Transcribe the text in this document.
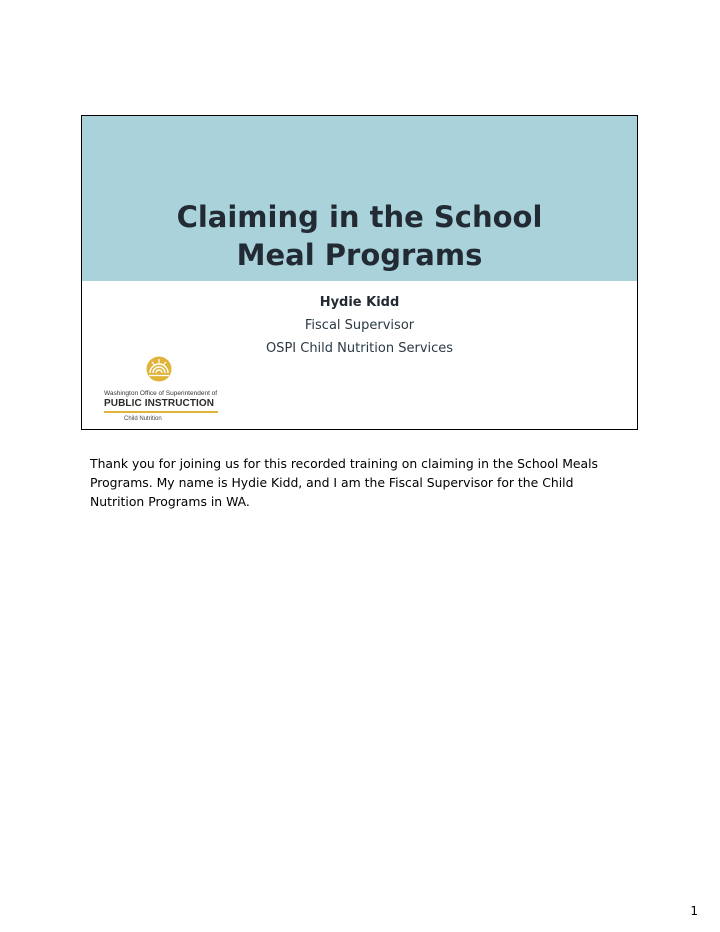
Claiming in the School
Meal Programs
Hydie Kidd
Fiscal Supervisor
OSPI Child Nutrition Services
Washington Office of Superintendent of
PUBLIC INSTRUCTION
Child Nutrition

Thank you for joining us for this recorded training on claiming in the School Meals Programs. My name is Hydie Kidd, and I am the Fiscal Supervisor for the Child Nutrition Programs in WA.

1
